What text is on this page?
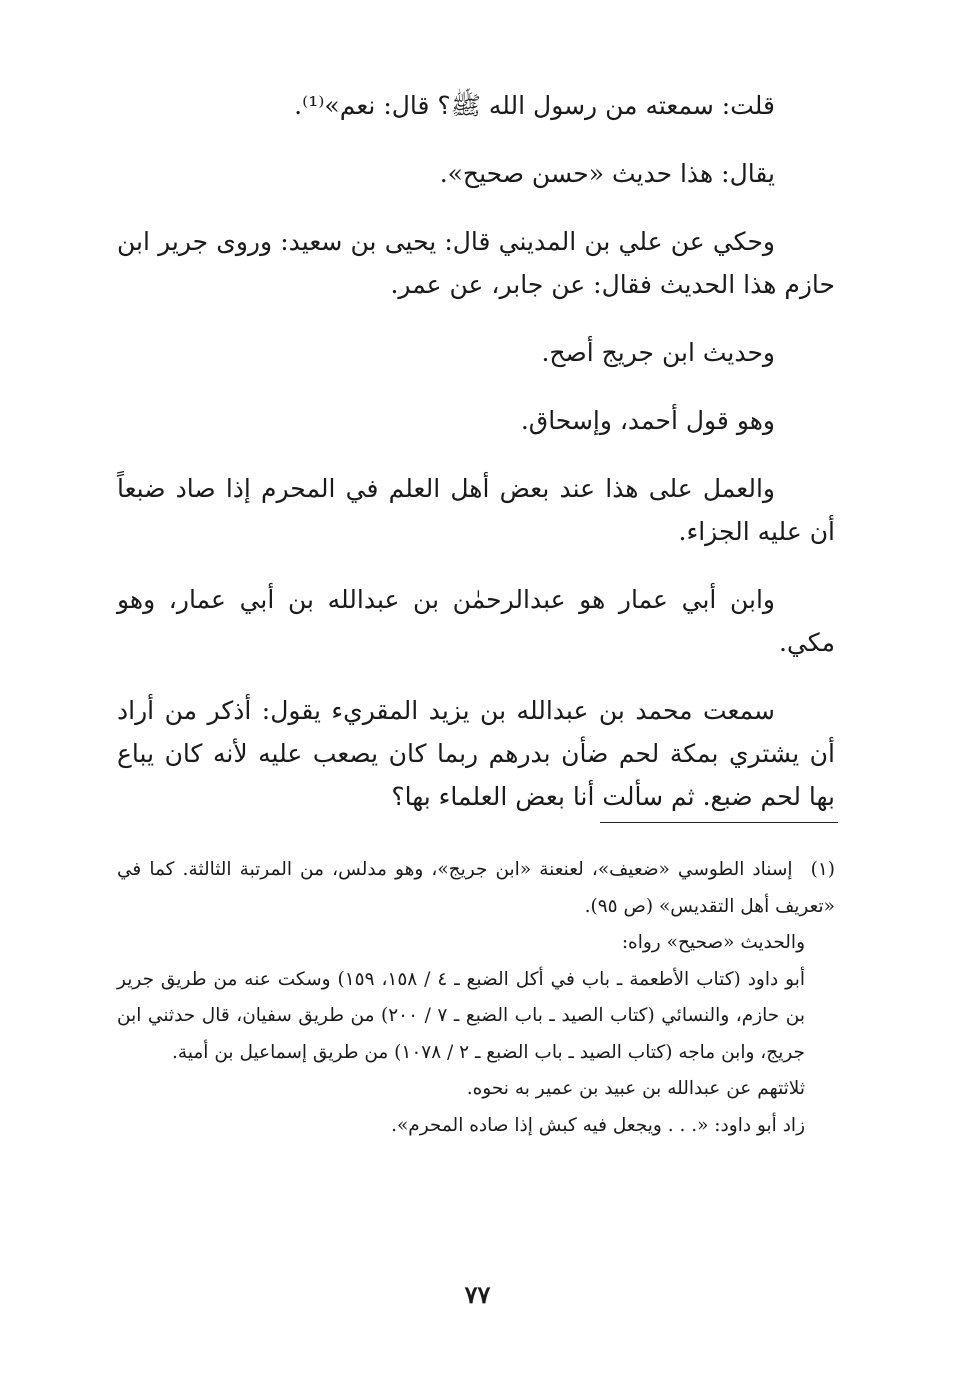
قلت: سمعته من رسول الله ﷺ؟ قال: نعم»⁽¹⁾.

يقال: هذا حديث «حسن صحيح».

وحكي عن علي بن المديني قال: يحيى بن سعيد: وروى جرير ابن حازم هذا الحديث فقال: عن جابر، عن عمر.

وحديث ابن جريج أصح.

وهو قول أحمد، وإسحاق.

والعمل على هذا عند بعض أهل العلم في المحرم إذا صاد ضبعاً أن عليه الجزاء.

وابن أبي عمار هو عبدالرحمٰن بن عبدالله بن أبي عمار، وهو مكي.

سمعت محمد بن عبدالله بن يزيد المقريء يقول: أذكر من أراد أن يشتري بمكة لحم ضأن بدرهم ربما كان يصعب عليه لأنه كان يباع بها لحم ضبع. ثم سألت أنا بعض العلماء بها؟

(١) إسناد الطوسي «ضعيف»، لعنعنة «ابن جريج»، وهو مدلس، من المرتبة الثالثة. كما في «تعريف أهل التقديس» (ص ٩٥).

والحديث «صحيح» رواه:

أبو داود (كتاب الأطعمة ـ باب في أكل الضبع ـ ٤ / ١٥٨، ١٥٩) وسكت عنه من طريق جرير بن حازم، والنسائي (كتاب الصيد ـ باب الضبع ـ ٧ / ٢٠٠) من طريق سفيان، قال حدثني ابن جريج، وابن ماجه (كتاب الصيد ـ باب الضبع ـ ٢ / ١٠٧٨) من طريق إسماعيل بن أمية.

ثلاثتهم عن عبدالله بن عبيد بن عمير به نحوه.

زاد أبو داود: «. . . ويجعل فيه كبش إذا صاده المحرم».

٧٧
